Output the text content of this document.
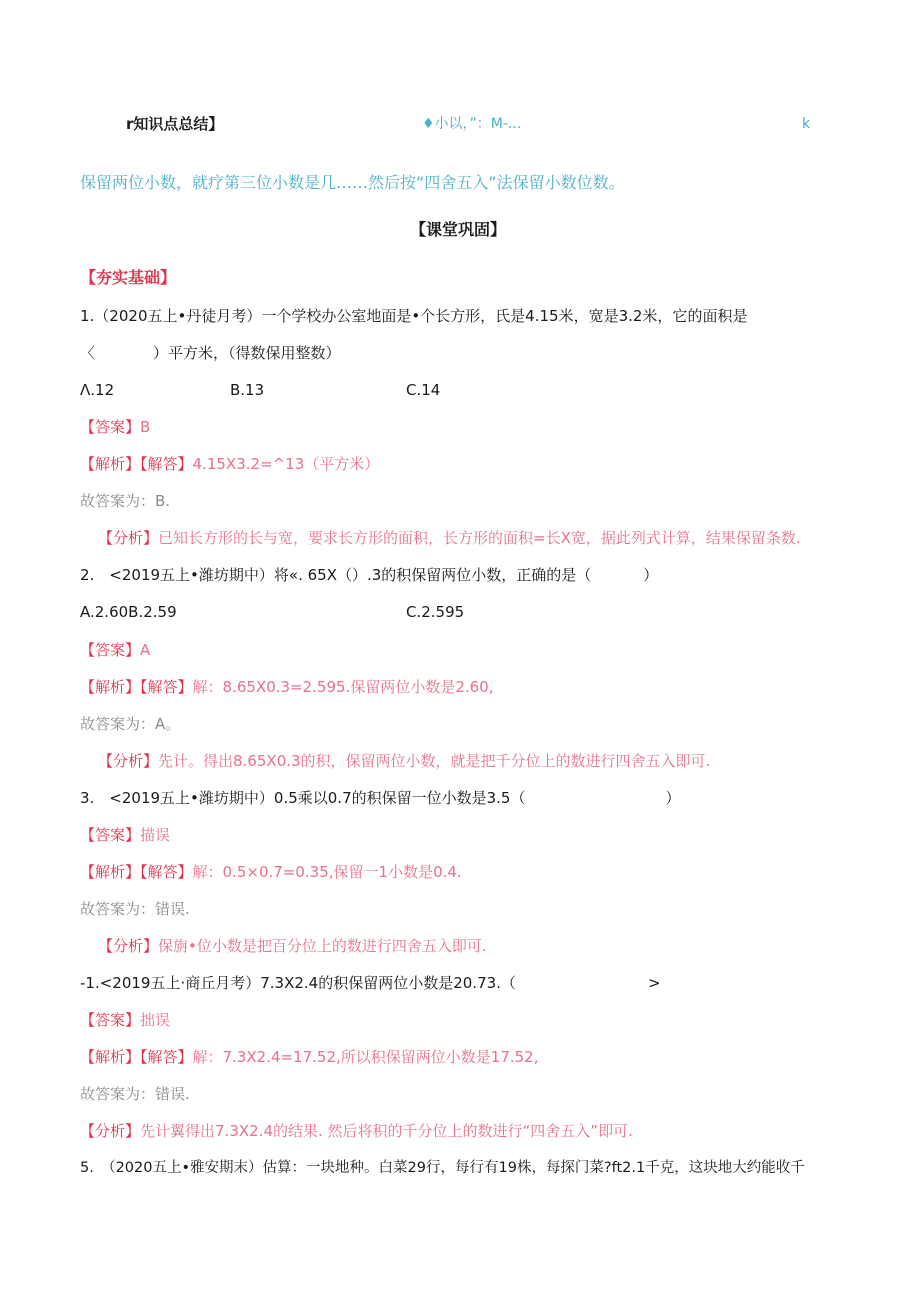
r知识点总结】	♦小以，”：M-...	k
保留两位小数，就疗第三位小数是几……然后按“四舍五入”法保留小数位数。
【课堂巩固】
【夯实基础】
1.（2020五上•丹徒月考）一个学校办公室地面是•个长方形，氏是4.15米，宽是3.2米，它的面积是
〈	）平方米，（得数保用整数）
Λ.12	B.13	C.14
【答案】B
【解析】【解答】4.15X3.2=^13（平方米）
故答案为：B.
【分析】已知长方形的长与宽，要求长方形的面积，长方形的面积=长X宽，据此列式计算，结果保留条数.
2.　<2019五上•潍坊期中）将«. 65X（）.3的积保留两位小数，正确的是（	）
A.2.60B.2.59	C.2.595
【答案】A
【解析】【解答】解：8.65X0.3=2.595.保留两位小数是2.60,
故答案为：A。
【分析】先计。得出8.65X0.3的积，保留两位小数，就是把千分位上的数进行四舍五入即可.
3.　<2019五上•潍坊期中）0.5乘以0.7的积保留一位小数是3.5（	）
【答案】描误
【解析】【解答】解：0.5×0.7=0.35,保留一1小数是0.4.
故答案为：错误.
【分析】保旃•位小数是把百分位上的数进行四舍五入即可.
-1.<2019五上·商丘月考）7.3X2.4的积保留两位小数是20.73.（	>
【答案】拙误
【解析】【解答】解：7.3X2.4=17.52,所以积保留两位小数是17.52,
故答案为：错误.
【分析】先计翼得出7.3X2.4的结果. 然后将积的千分位上的数进行“四舍五入”即可.
5.　（2020五上•雅安期末）估算：一块地种。白菜29行，每行有19株，每探门菜?ft2.1千克，这块地大约能收千
